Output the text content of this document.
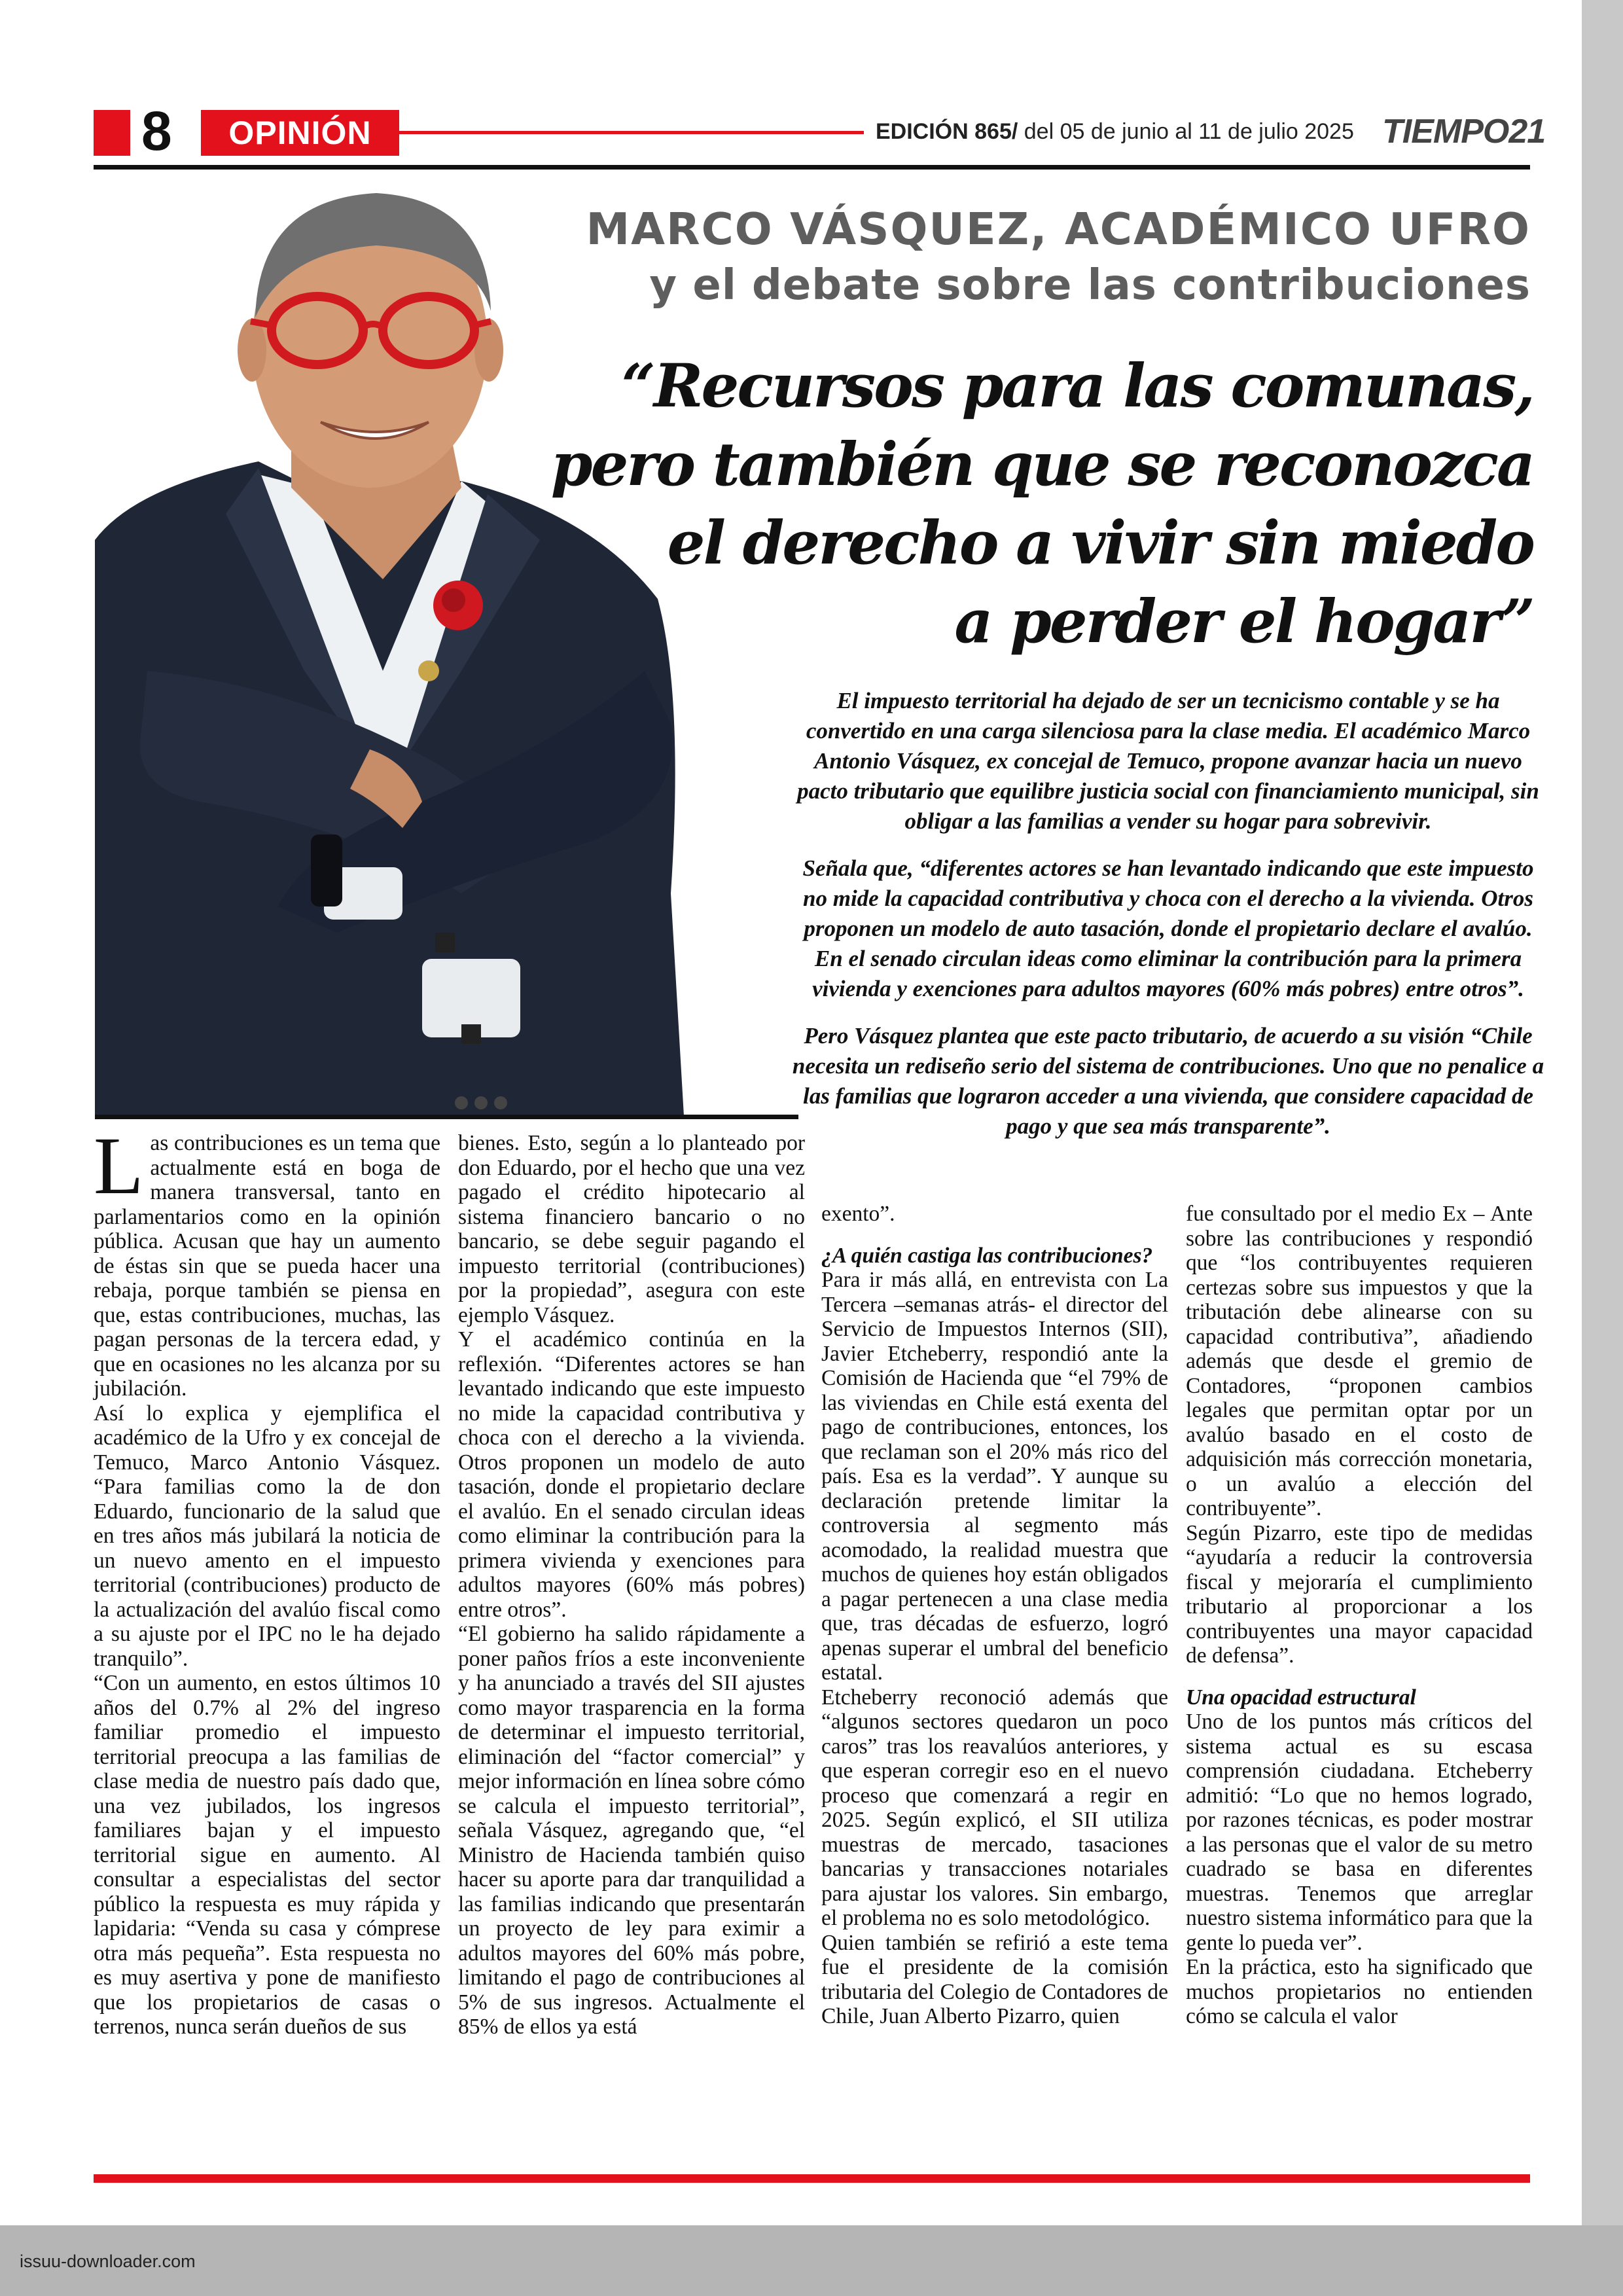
8	OPINIÓN	EDICIÓN 865/ del 05 de junio al 11 de julio 2025 TIEMPO21
MARCO VÁSQUEZ, ACADÉMICO UFRO
y el debate sobre las contribuciones
“Recursos para las comunas,
pero también que se reconozca
el derecho a vivir sin miedo
a perder el hogar”

El impuesto territorial ha dejado de ser un tecnicismo contable y se ha convertido en una carga silenciosa para la clase media. El académico Marco Antonio Vásquez, ex concejal de Temuco, propone avanzar hacia un nuevo pacto tributario que equilibre justicia social con financiamiento municipal, sin obligar a las familias a vender su hogar para sobrevivir.

Señala que, “diferentes actores se han levantado indicando que este impuesto no mide la capacidad contributiva y choca con el derecho a la vivienda. Otros proponen un modelo de auto tasación, donde el propietario declare el avalúo. En el senado circulan ideas como eliminar la contribución para la primera vivienda y exenciones para adultos mayores (60% más pobres) entre otros”.

Pero Vásquez plantea que este pacto tributario, de acuerdo a su visión “Chile necesita un rediseño serio del sistema de contribuciones. Uno que no penalice a las familias que lograron acceder a una vivienda, que considere capacidad de pago y que sea más transparente”.

Las contribuciones es un tema que actualmente está en boga de manera transversal, tanto en parlamentarios como en la opinión pública. Acusan que hay un aumento de éstas sin que se pueda hacer una rebaja, porque también se piensa en que, estas contribuciones, muchas, las pagan personas de la tercera edad, y que en ocasiones no les alcanza por su jubilación.

Así lo explica y ejemplifica el académico de la Ufro y ex concejal de Temuco, Marco Antonio Vásquez. “Para familias como la de don Eduardo, funcionario de la salud que en tres años más jubilará la noticia de un nuevo amento en el impuesto territorial (contribuciones) producto de la actualización del avalúo fiscal como a su ajuste por el IPC no le ha dejado tranquilo”.

“Con un aumento, en estos últimos 10 años del 0.7% al 2% del ingreso familiar promedio el impuesto territorial preocupa a las familias de clase media de nuestro país dado que, una vez jubilados, los ingresos familiares bajan y el impuesto territorial sigue en aumento. Al consultar a especialistas del sector público la respuesta es muy rápida y lapidaria: “Venda su casa y cómprese otra más pequeña”. Esta respuesta no es muy asertiva y pone de manifiesto que los propietarios de casas o terrenos, nunca serán dueños de sus

bienes. Esto, según a lo planteado por don Eduardo, por el hecho que una vez pagado el crédito hipotecario al sistema financiero bancario o no bancario, se debe seguir pagando el impuesto territorial (contribuciones) por la propiedad”, asegura con este ejemplo Vásquez.

Y el académico continúa en la reflexión. “Diferentes actores se han levantado indicando que este impuesto no mide la capacidad contributiva y choca con el derecho a la vivienda. Otros proponen un modelo de auto tasación, donde el propietario declare el avalúo. En el senado circulan ideas como eliminar la contribución para la primera vivienda y exenciones para adultos mayores (60% más pobres) entre otros”.

“El gobierno ha salido rápidamente a poner paños fríos a este inconveniente y ha anunciado a través del SII ajustes como mayor trasparencia en la forma de determinar el impuesto territorial, eliminación del “factor comercial” y mejor información en línea sobre cómo se calcula el impuesto territorial”, señala Vásquez, agregando que, “el Ministro de Hacienda también quiso hacer su aporte para dar tranquilidad a las familias indicando que presentarán un proyecto de ley para eximir a adultos mayores del 60% más pobre, limitando el pago de contribuciones al 5% de sus ingresos. Actualmente el 85% de ellos ya está

exento”.

¿A quién castiga las contribuciones?

Para ir más allá, en entrevista con La Tercera –semanas atrás- el director del Servicio de Impuestos Internos (SII), Javier Etcheberry, respondió ante la Comisión de Hacienda que “el 79% de las viviendas en Chile está exenta del pago de contribuciones, entonces, los que reclaman son el 20% más rico del país. Esa es la verdad”. Y aunque su declaración pretende limitar la controversia al segmento más acomodado, la realidad muestra que muchos de quienes hoy están obligados a pagar pertenecen a una clase media que, tras décadas de esfuerzo, logró apenas superar el umbral del beneficio estatal.

Etcheberry reconoció además que “algunos sectores quedaron un poco caros” tras los reavalúos anteriores, y que esperan corregir eso en el nuevo proceso que comenzará a regir en 2025. Según explicó, el SII utiliza muestras de mercado, tasaciones bancarias y transacciones notariales para ajustar los valores. Sin embargo, el problema no es solo metodológico.

Quien también se refirió a este tema fue el presidente de la comisión tributaria del Colegio de Contadores de Chile, Juan Alberto Pizarro, quien

fue consultado por el medio Ex – Ante sobre las contribuciones y respondió que “los contribuyentes requieren certezas sobre sus impuestos y que la tributación debe alinearse con su capacidad contributiva”, añadiendo además que desde el gremio de Contadores, “proponen cambios legales que permitan optar por un avalúo basado en el costo de adquisición más corrección monetaria, o un avalúo a elección del contribuyente”.

Según Pizarro, este tipo de medidas “ayudaría a reducir la controversia fiscal y mejoraría el cumplimiento tributario al proporcionar a los contribuyentes una mayor capacidad de defensa”.

Una opacidad estructural

Uno de los puntos más críticos del sistema actual es su escasa comprensión ciudadana. Etcheberry admitió: “Lo que no hemos logrado, por razones técnicas, es poder mostrar a las personas que el valor de su metro cuadrado se basa en diferentes muestras. Tenemos que arreglar nuestro sistema informático para que la gente lo pueda ver”.

En la práctica, esto ha significado que muchos propietarios no entienden cómo se calcula el valor

issuu-downloader.com
